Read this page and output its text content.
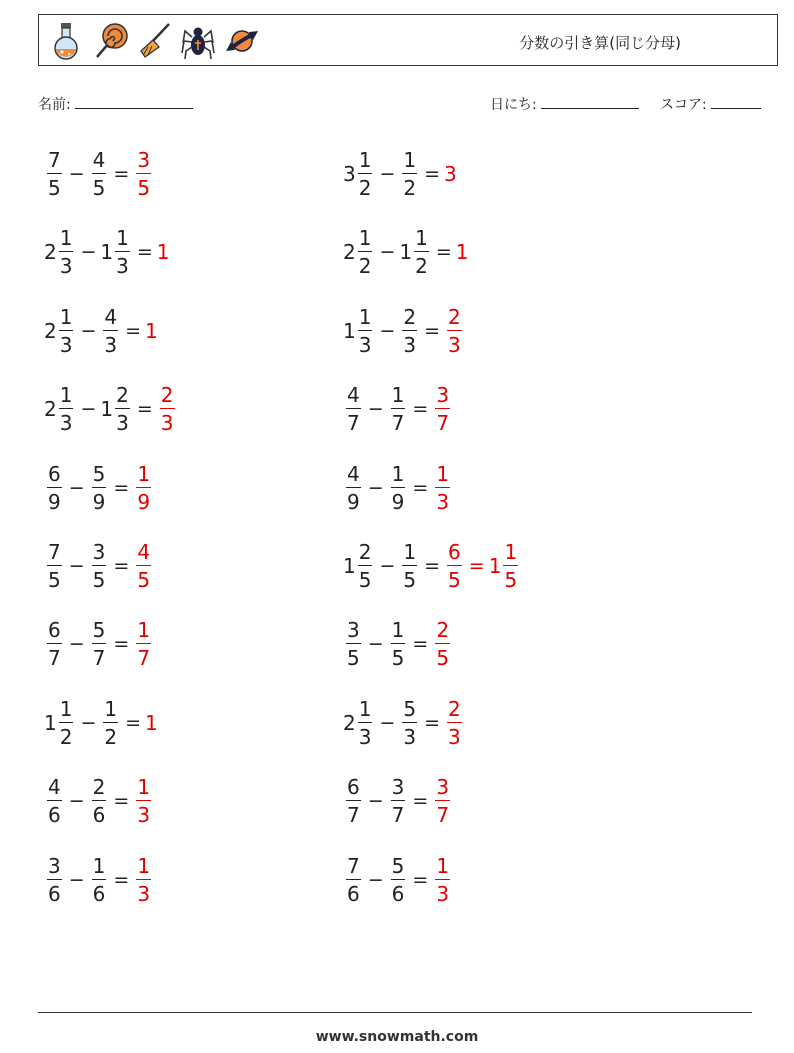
分数の引き算(同じ分母)
名前:	日にち:	スコア:
$\frac{7}{5} - \frac{4}{5} = \frac{3}{5}$	$3 \frac{1}{2} - \frac{1}{2} = 3$
$2 \frac{1}{3} - 1 \frac{1}{3} = 1$	$2 \frac{1}{2} - 1 \frac{1}{2} = 1$
$2 \frac{1}{3} - \frac{4}{3} = 1$	$1 \frac{1}{3} - \frac{2}{3} = \frac{2}{3}$
$2 \frac{1}{3} - 1 \frac{2}{3} = \frac{2}{3}$	$\frac{4}{7} - \frac{1}{7} = \frac{3}{7}$
$\frac{6}{9} - \frac{5}{9} = \frac{1}{9}$	$\frac{4}{9} - \frac{1}{9} = \frac{1}{3}$
$\frac{7}{5} - \frac{3}{5} = \frac{4}{5}$	$1 \frac{2}{5} - \frac{1}{5} = \frac{6}{5} = 1 \frac{1}{5}$
$\frac{6}{7} - \frac{5}{7} = \frac{1}{7}$	$\frac{3}{5} - \frac{1}{5} = \frac{2}{5}$
$1 \frac{1}{2} - \frac{1}{2} = 1$	$2 \frac{1}{3} - \frac{5}{3} = \frac{2}{3}$
$\frac{4}{6} - \frac{2}{6} = \frac{1}{3}$	$\frac{6}{7} - \frac{3}{7} = \frac{3}{7}$
$\frac{3}{6} - \frac{1}{6} = \frac{1}{3}$	$\frac{7}{6} - \frac{5}{6} = \frac{1}{3}$
www.snowmath.com
